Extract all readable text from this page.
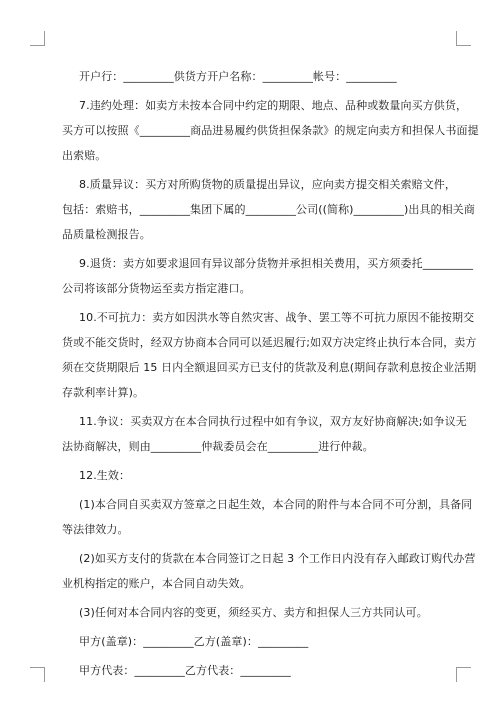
开户行：_________供货方开户名称：_________帐号：_________
7.违约处理：如卖方未按本合同中约定的期限、地点、品种或数量向买方供货，
买方可以按照《_________商品进易履约供货担保条款》的规定向卖方和担保人书面提
出索赔。
8.质量异议：买方对所购货物的质量提出异议，应向卖方提交相关索赔文件，
包括：索赔书，_________集团下属的_________公司((简称)_________)出具的相关商
品质量检测报告。
9.退货：卖方如要求退回有异议部分货物并承担相关费用，买方须委托_________
公司将该部分货物运至卖方指定港口。
10.不可抗力：卖方如因洪水等自然灾害、战争、罢工等不可抗力原因不能按期交
货或不能交货时，经双方协商本合同可以延迟履行;如双方决定终止执行本合同，卖方
须在交货期限后 15 日内全额退回买方已支付的货款及利息(期间存款利息按企业活期
存款利率计算)。
11.争议：买卖双方在本合同执行过程中如有争议，双方友好协商解决;如争议无
法协商解决，则由_________仲裁委员会在_________进行仲裁。
12.生效：
(1)本合同自买卖双方签章之日起生效，本合同的附件与本合同不可分割，具备同
等法律效力。
(2)如买方支付的货款在本合同签订之日起 3 个工作日内没有存入邮政订购代办营
业机构指定的账户，本合同自动失效。
(3)任何对本合同内容的变更，须经买方、卖方和担保人三方共同认可。
甲方(盖章)：_________乙方(盖章)：_________
甲方代表：_________乙方代表：_________
